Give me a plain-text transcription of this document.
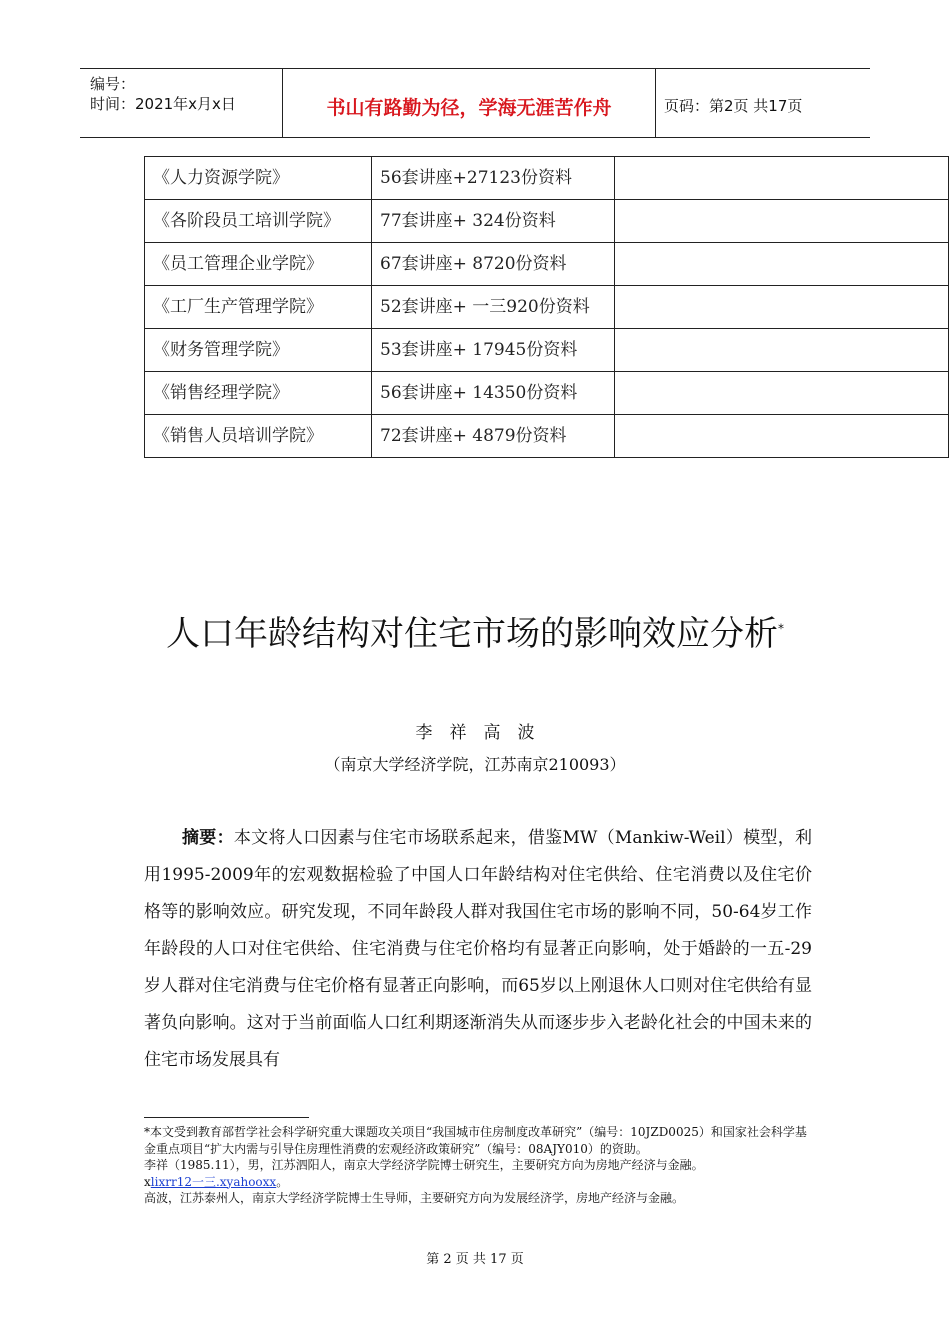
编号：
时间：2021年x月x日	书山有路勤为径，学海无涯苦作舟	页码：第2页 共17页
《人力资源学院》	56套讲座+27123份资料	
《各阶段员工培训学院》	77套讲座+ 324份资料	
《员工管理企业学院》	67套讲座+ 8720份资料	
《工厂生产管理学院》	52套讲座+ 一三920份资料	
《财务管理学院》	53套讲座+ 17945份资料	
《销售经理学院》	56套讲座+ 14350份资料	
《销售人员培训学院》	72套讲座+ 4879份资料	
人口年龄结构对住宅市场的影响效应分析*
李　祥　高　波
（南京大学经济学院，江苏南京210093）
摘要：本文将人口因素与住宅市场联系起来，借鉴MW（Mankiw-Weil）模型，利用1995-2009年的宏观数据检验了中国人口年龄结构对住宅供给、住宅消费以及住宅价格等的影响效应。研究发现，不同年龄段人群对我国住宅市场的影响不同，50-64岁工作年龄段的人口对住宅供给、住宅消费与住宅价格均有显著正向影响，处于婚龄的一五-29岁人群对住宅消费与住宅价格有显著正向影响，而65岁以上刚退休人口则对住宅供给有显著负向影响。这对于当前面临人口红利期逐渐消失从而逐步步入老龄化社会的中国未来的住宅市场发展具有
*本文受到教育部哲学社会科学研究重大课题攻关项目“我国城市住房制度改革研究”（编号：10JZD0025）和国家社会科学基金重点项目“扩大内需与引导住房理性消费的宏观经济政策研究”（编号：08AJY010）的资助。
李祥（1985.11），男，江苏泗阳人，南京大学经济学院博士研究生，主要研究方向为房地产经济与金融。
xlixrr12一三.xyahooxx。
高波，江苏泰州人，南京大学经济学院博士生导师，主要研究方向为发展经济学，房地产经济与金融。
第 2 页 共 17 页
